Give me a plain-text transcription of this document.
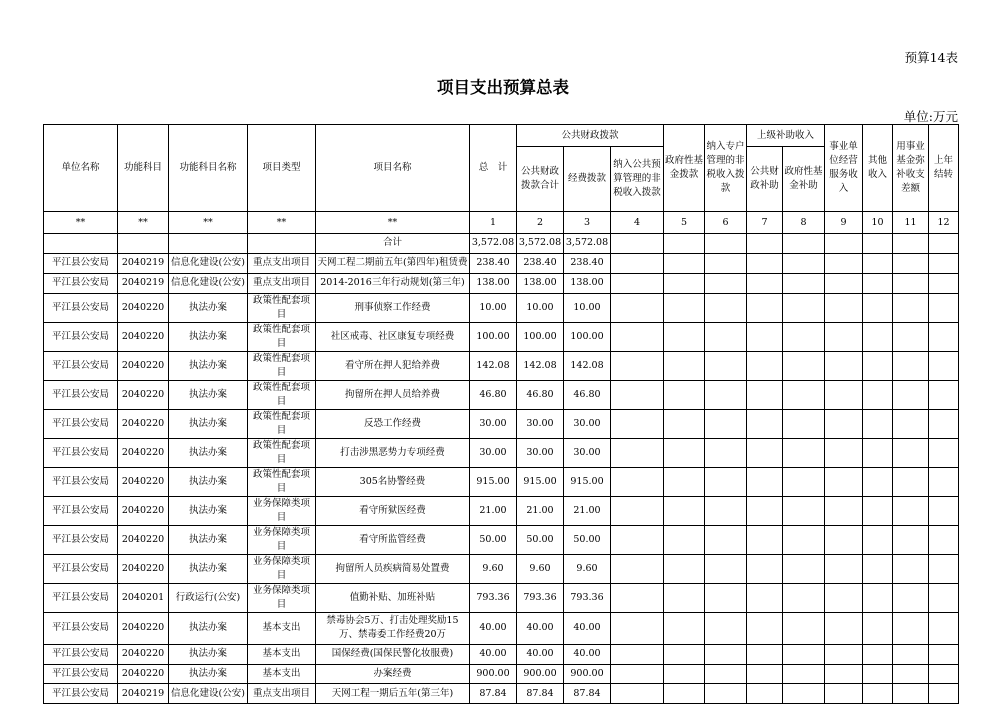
预算14表
项目支出预算总表
单位:万元
单位名称	功能科目	功能科目名称	项目类型	项目名称	总　计	公共财政拨款			政府性基金拨款	纳入专户管理的非税收入拨款	上级补助收入		事业单位经营服务收入	其他收入	用事业基金弥补收支差额	上年结转
						公共财政拨款合计	经费拨款	纳入公共预算管理的非税收入拨款			公共财政补助	政府性基金补助				
**	**	**	**	**	1	2	3	4	5	6	7	8	9	10	11	12
				合计	3,572.08	3,572.08	3,572.08									
平江县公安局	2040219	信息化建设(公安)	重点支出项目	天网工程二期前五年(第四年)租赁费	238.40	238.40	238.40									
平江县公安局	2040219	信息化建设(公安)	重点支出项目	2014-2016三年行动规划(第三年)	138.00	138.00	138.00									
平江县公安局	2040220	执法办案	政策性配套项目	刑事侦察工作经费	10.00	10.00	10.00									
平江县公安局	2040220	执法办案	政策性配套项目	社区戒毒、社区康复专项经费	100.00	100.00	100.00									
平江县公安局	2040220	执法办案	政策性配套项目	看守所在押人犯给养费	142.08	142.08	142.08									
平江县公安局	2040220	执法办案	政策性配套项目	拘留所在押人员给养费	46.80	46.80	46.80									
平江县公安局	2040220	执法办案	政策性配套项目	反恐工作经费	30.00	30.00	30.00									
平江县公安局	2040220	执法办案	政策性配套项目	打击涉黑恶势力专项经费	30.00	30.00	30.00									
平江县公安局	2040220	执法办案	政策性配套项目	305名协警经费	915.00	915.00	915.00									
平江县公安局	2040220	执法办案	业务保障类项目	看守所狱医经费	21.00	21.00	21.00									
平江县公安局	2040220	执法办案	业务保障类项目	看守所监管经费	50.00	50.00	50.00									
平江县公安局	2040220	执法办案	业务保障类项目	拘留所人员疾病简易处置费	9.60	9.60	9.60									
平江县公安局	2040201	行政运行(公安)	业务保障类项目	值勤补贴、加班补贴	793.36	793.36	793.36									
平江县公安局	2040220	执法办案	基本支出	禁毒协会5万、打击处理奖励15万、禁毒委工作经费20万	40.00	40.00	40.00									
平江县公安局	2040220	执法办案	基本支出	国保经费(国保民警化妆服费)	40.00	40.00	40.00									
平江县公安局	2040220	执法办案	基本支出	办案经费	900.00	900.00	900.00									
平江县公安局	2040219	信息化建设(公安)	重点支出项目	天网工程一期后五年(第三年)	87.84	87.84	87.84									
